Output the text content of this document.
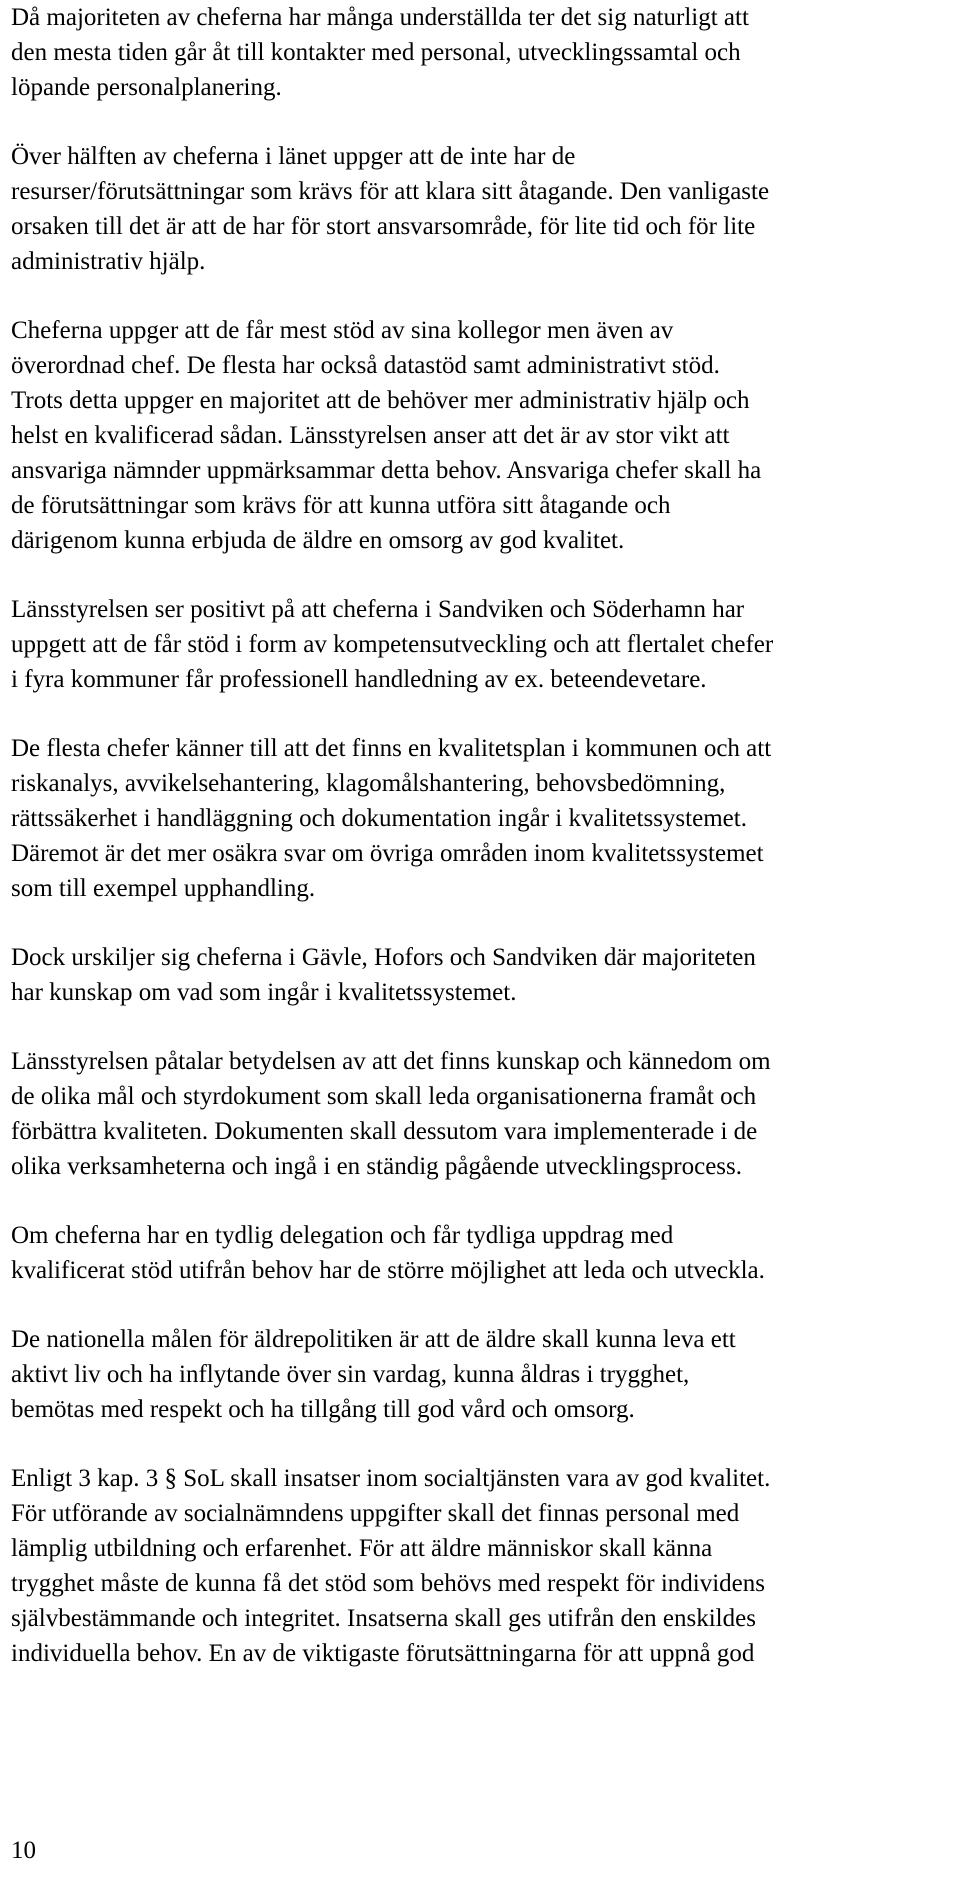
Då majoriteten av cheferna har många underställda ter det sig naturligt att
den mesta tiden går åt till kontakter med personal, utvecklingssamtal och
löpande personalplanering.

Över hälften av cheferna i länet uppger att de inte har de
resurser/förutsättningar som krävs för att klara sitt åtagande. Den vanligaste
orsaken till det är att de har för stort ansvarsområde, för lite tid och för lite
administrativ hjälp.

Cheferna uppger att de får mest stöd av sina kollegor men även av
överordnad chef. De flesta har också datastöd samt administrativt stöd.
Trots detta uppger en majoritet att de behöver mer administrativ hjälp och
helst en kvalificerad sådan. Länsstyrelsen anser att det är av stor vikt att
ansvariga nämnder uppmärksammar detta behov. Ansvariga chefer skall ha
de förutsättningar som krävs för att kunna utföra sitt åtagande och
därigenom kunna erbjuda de äldre en omsorg av god kvalitet.

Länsstyrelsen ser positivt på att cheferna i Sandviken och Söderhamn har
uppgett att de får stöd i form av kompetensutveckling och att flertalet chefer
i fyra kommuner får professionell handledning av ex. beteendevetare.

De flesta chefer känner till att det finns en kvalitetsplan i kommunen och att
riskanalys, avvikelsehantering, klagomålshantering, behovsbedömning,
rättssäkerhet i handläggning och dokumentation ingår i kvalitetssystemet.
Däremot är det mer osäkra svar om övriga områden inom kvalitetssystemet
som till exempel upphandling.

Dock urskiljer sig cheferna i Gävle, Hofors och Sandviken där majoriteten
har kunskap om vad som ingår i kvalitetssystemet.

Länsstyrelsen påtalar betydelsen av att det finns kunskap och kännedom om
de olika mål och styrdokument som skall leda organisationerna framåt och
förbättra kvaliteten. Dokumenten skall dessutom vara implementerade i de
olika verksamheterna och ingå i en ständig pågående utvecklingsprocess.

Om cheferna har en tydlig delegation och får tydliga uppdrag med
kvalificerat stöd utifrån behov har de större möjlighet att leda och utveckla.

De nationella målen för äldrepolitiken är att de äldre skall kunna leva ett
aktivt liv och ha inflytande över sin vardag, kunna åldras i trygghet,
bemötas med respekt och ha tillgång till god vård och omsorg.

Enligt 3 kap. 3 § SoL skall insatser inom socialtjänsten vara av god kvalitet.
För utförande av socialnämndens uppgifter skall det finnas personal med
lämplig utbildning och erfarenhet. För att äldre människor skall känna
trygghet måste de kunna få det stöd som behövs med respekt för individens
självbestämmande och integritet. Insatserna skall ges utifrån den enskildes
individuella behov. En av de viktigaste förutsättningarna för att uppnå god

10
